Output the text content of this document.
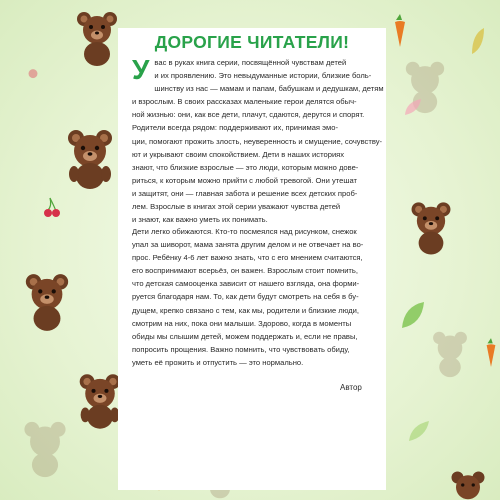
ДОРОГИЕ ЧИТАТЕЛИ!
У вас в руках книга серии, посвящённой чувствам детей
и их проявлению. Это невыдуманные истории, близкие боль-
шинству из нас — мамам и папам, бабушкам и дедушкам, детям
и взрослым. В своих рассказах маленькие герои делятся обыч-
ной жизнью: они, как все дети, плачут, сдаются, дерутся и спорят.
Родители всегда рядом: поддерживают их, принимая эмо-
ции, помогают прожить злость, неуверенность и смущение, сочувству-
ют и укрывают своим спокойствием. Дети в наших историях
знают, что близкие взрослые — это люди, которым можно дове-
риться, к которым можно прийти с любой тревогой. Они утешат
и защитят, они — главная забота и решение всех детских проб-
лем. Взрослые в книгах этой серии уважают чувства детей
и знают, как важно уметь их понимать.
Дети легко обижаются. Кто-то посмеялся над рисунком, снежок
упал за шиворот, мама занята другим делом и не отвечает на во-
прос. Ребёнку 4-6 лет важно знать, что с его мнением считаются,
его воспринимают всерьёз, он важен. Взрослым стоит помнить,
что детская самооценка зависит от нашего взгляда, она форми-
руется благодаря нам. То, как дети будут смотреть на себя в бу-
дущем, крепко связано с тем, как мы, родители и близкие люди,
смотрим на них, пока они малыши. Здорово, когда в моменты
обиды мы слышим детей, можем поддержать и, если не правы,
попросить прощения. Важно помнить, что чувствовать обиду,
уметь её прожить и отпустить — это нормально.

Автор
